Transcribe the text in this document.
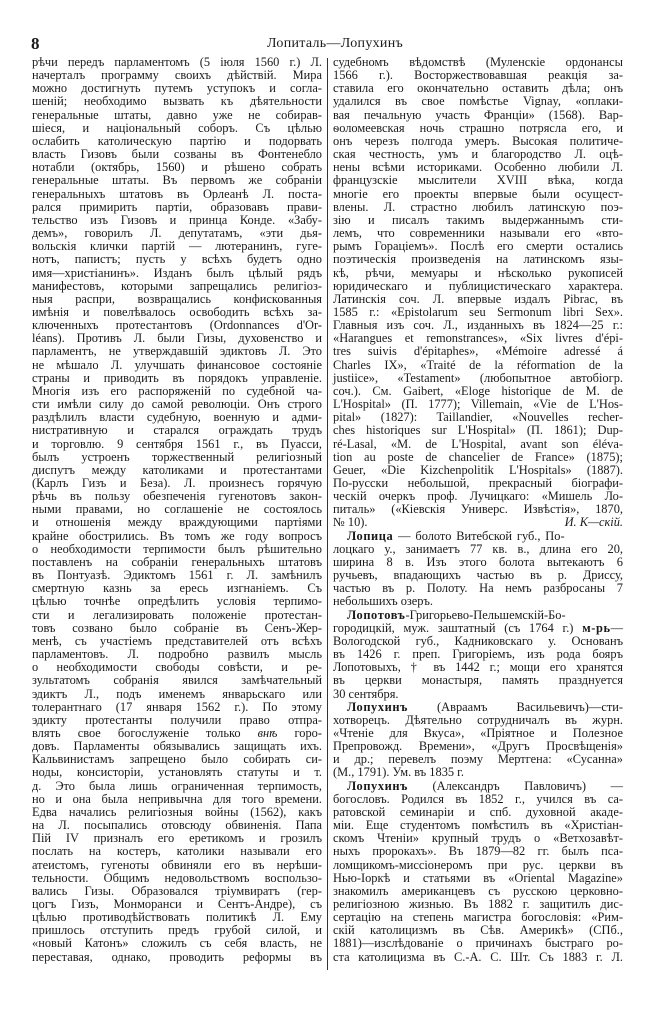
8	Лопиталь—Лопухинъ
рѣчи передъ парламентомъ (5 іюля 1560 г.) Л.
начерталъ программу своихъ дѣйствій. Мира
можно достигнуть путемъ уступокъ и согла-
шеній; необходимо вызвать къ дѣятельности
генеральные штаты, давно уже не собирав-
шіеся, и національный соборъ. Съ цѣлью
ослабить католическую партію и подорвать
власть Гизовъ были созваны въ Фонтенебло
нотабли (октябрь, 1560) и рѣшено собрать
генеральные штаты. Въ первомъ же собраніи
генеральныхъ штатовъ въ Орлеанѣ Л. поста-
рался примирить партіи, образовавъ прави-
тельство изъ Гизовъ и принца Конде. «Забу-
демъ», говорилъ Л. депутатамъ, «эти дья-
вольскія клички партій — лютеранинъ, гуге-
нотъ, папистъ; пусть у всѣхъ будетъ одно
имя—христіанинъ». Изданъ былъ цѣлый рядъ
манифестовъ, которыми запрещались религіоз-
ныя распри, возвращались конфискованныя
имѣнія и повелѣвалось освободить всѣхъ за-
ключенныхъ протестантовъ (Ordonnances d'Or-
léans). Противъ Л. были Гизы, духовенство и
парламентъ, не утверждавшій эдиктовъ Л. Это
не мѣшало Л. улучшать финансовое состояніе
страны и приводить въ порядокъ управленіе.
Многія изъ его распоряженій по судебной ча-
сти имѣли силу до самой революціи. Онъ строго
раздѣлилъ власти судебную, военную и адми-
нистративную и старался ограждать трудъ
и торговлю. 9 сентября 1561 г., въ Пуасси,
былъ устроенъ торжественный религіозный
диспутъ между католиками и протестантами
(Карлъ Гизъ и Беза). Л. произнесъ горячую
рѣчь въ пользу обезпеченія гугенотовъ закон-
ными правами, но соглашеніе не состоялось
и отношенія между враждующими партіями
крайне обострились. Въ томъ же году вопросъ
о необходимости терпимости былъ рѣшительно
поставленъ на собраніи генеральныхъ штатовъ
въ Понтуазѣ. Эдиктомъ 1561 г. Л. замѣнилъ
смертную казнь за ересь изгнаніемъ. Съ
цѣлью точнѣе опредѣлить условія терпимо-
сти и легализировать положеніе протестан-
товъ созвано было собраніе въ Сенъ-Жер-
менѣ, съ участіемъ представителей отъ всѣхъ
парламентовъ. Л. подробно развилъ мысль
о необходимости свободы совѣсти, и ре-
зультатомъ собранія явился замѣчательный
эдиктъ Л., подъ именемъ январьскаго или
толерантнаго (17 января 1562 г.). По этому
эдикту протестанты получили право отпра-
влять свое богослуженіе только внѣ горо-
довъ. Парламенты обязывались защищать ихъ.
Кальвинистамъ запрещено было собирать си-
ноды, консисторіи, установлять статуты и т.
д. Это была лишь ограниченная терпимость,
но и она была непривычна для того времени.
Едва начались религіозныя войны (1562), какъ
на Л. посыпались отовсюду обвиненія. Папа
Пій IV призналъ его еретикомъ и грозилъ
послать на костеръ, католики называли его
атеистомъ, гугеноты обвиняли его въ нерѣши-
тельности. Общимъ недовольствомъ воспользо-
вались Гизы. Образовался тріумвиратъ (гер-
цогъ Гизъ, Монморанси и Сентъ-Андре), съ
цѣлью противодѣйствовать политикѣ Л. Ему
пришлось отступить предъ грубой силой, и
«новый Катонъ» сложилъ съ себя власть, не
переставая, однако, проводить реформы въ
судебномъ вѣдомствѣ (Муленскіе ордонансы
1566 г.). Восторжествовавшая реакція за-
ставила его окончательно оставить дѣла; онъ
удалился въ свое помѣстье Vignay, «оплаки-
вая печальную участь Франціи» (1568). Вар-
ѳоломеевская ночь страшно потрясла его, и
онъ черезъ полгода умеръ. Высокая политиче-
ская честность, умъ и благородство Л. оцѣ-
нены всѣми историками. Особенно любили Л.
французскіе мыслители XVIII вѣка, когда
многіе его проекты впервые были осущест-
влены. Л. страстно любилъ латинскую поэ-
зію и писалъ такимъ выдержаннымъ сти-
лемъ, что современники называли его «вто-
рымъ Гораціемъ». Послѣ его смерти остались
поэтическія произведенія на латинскомъ язы-
кѣ, рѣчи, мемуары и нѣсколько рукописей
юридическаго и публицистическаго характера.
Латинскія соч. Л. впервые издалъ Pibrac, въ
1585 г.: «Epistolarum seu Sermonum libri Sex».
Главныя изъ соч. Л., изданныхъ въ 1824—25 г.:
«Harangues et remonstrances», «Six livres d'épi-
tres suivis d'épitaphes», «Mémoire adressé á
Charles IX», «Traité de la réformation de la
justiice», «Testament» (любопытное автобіогр.
соч.). См. Gaibert, «Eloge historique de M. de
L'Hospital» (П. 1777); Villemain, «Vie de L'Hos-
pital» (1827): Taillandier, «Nouvelles recher-
ches historiques sur L'Hospital» (П. 1861); Dup-
ré-Lasal, «M. de L'Hospital, avant son éléva-
tion au poste de chancelier de France» (1875);
Geuer, «Die Kizchenpolitik L'Hospitals» (1887).
По-русски небольшой, прекрасный біографи-
ческій очеркъ проф. Лучицкаго: «Мишель Ло-
питаль» («Кіевскія Универс. Извѣстія», 1870,
№ 10).	И. К—скій.
Лопица — болото Витебской губ., По-
лоцкаго у., занимаетъ 77 кв. в., длина его 20,
ширина 8 в. Изъ этого болота вытекаютъ 6
ручьевъ, впадающихъ частью въ р. Дриссу,
частью въ р. Полоту. На немъ разбросаны 7
небольшихъ озеръ.
Лопотовъ-Григорьево-Пельшемскій-Бо-
городицкій, муж. заштатный (съ 1764 г.) м-рь—
Вологодской губ., Кадниковскаго у. Основанъ
въ 1426 г. преп. Григоріемъ, изъ рода бояръ
Лопотовыхъ, † въ 1442 г.; мощи его хранятся
въ церкви монастыря, память празднуется
30 сентября.
Лопухинъ (Авраамъ Васильевичъ)—сти-
хотворецъ. Дѣятельно сотрудничалъ въ журн.
«Чтеніе для Вкуса», «Пріятное и Полезное
Препровожд. Времени», «Другъ Просвѣщенія»
и др.; перевелъ поэму Мертгена: «Сусанна»
(М., 1791). Ум. въ 1835 г.
Лопухинъ (Александръ Павловичъ) —
богословъ. Родился въ 1852 г., учился въ са-
ратовской семинаріи и спб. духовной акаде-
міи. Еще студентомъ помѣстилъ въ «Христіан-
скомъ Чтеніи» крупный трудъ о «Ветхозавѣт-
ныхъ пророкахъ». Въ 1879—82 гг. былъ пса-
ломщикомъ-миссіонеромъ при рус. церкви въ
Нью-Іоркѣ и статьями въ «Oriental Magazine»
знакомилъ американцевъ съ русскою церковно-
религіозною жизнью. Въ 1882 г. защитилъ дис-
сертацію на степень магистра богословія: «Рим-
скій католицизмъ въ Сѣв. Америкѣ» (СПб.,
1881)—изслѣдованіе о причинахъ быстраго ро-
ста католицизма въ С.-А. С. Шт. Съ 1883 г. Л.
